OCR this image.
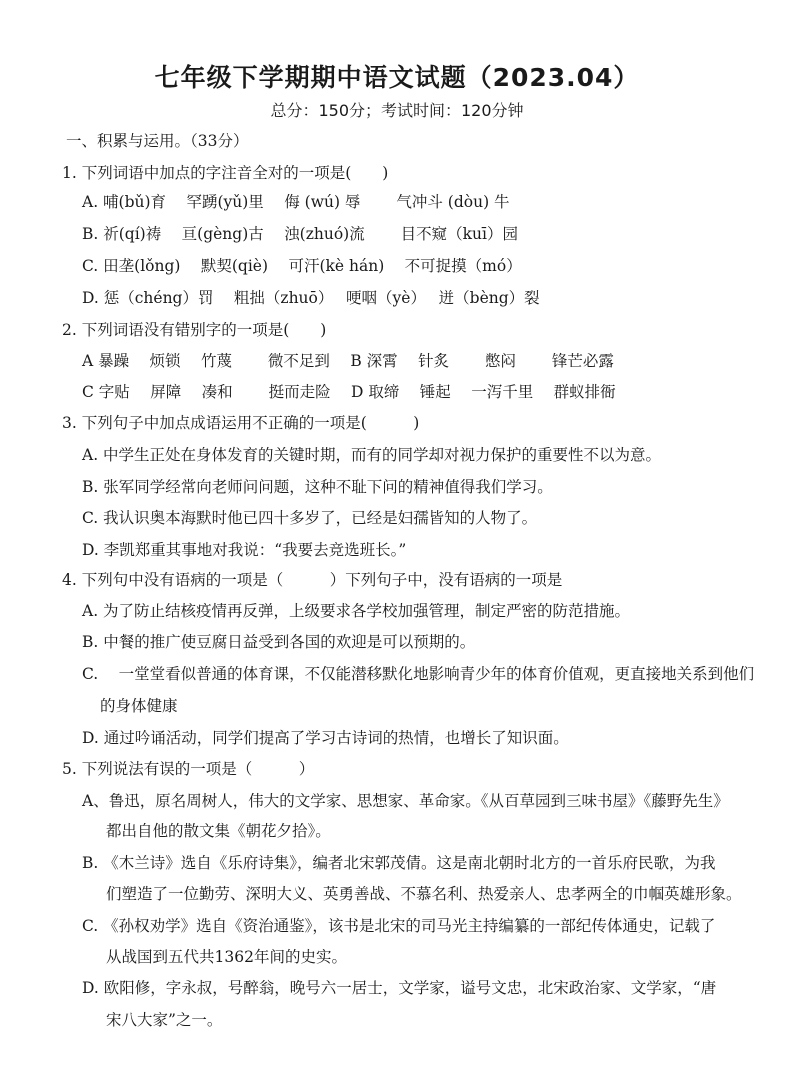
七年级下学期期中语文试题（2023.04）
总分：150分；考试时间：120分钟
一、积累与运用。（33分）
1. 下列词语中加点的字注音全对的一项是(　　)
A. 哺(bǔ)育　 罕踴(yǔ)里　 侮 (wú) 辱　　 气冲斗 (dòu) 牛
B. 祈(qí)祷　 亘(gèng)古　 浊(zhuó)流　　 目不窥（kuī）园
C. 田垄(lǒng)　 默契(qiè)　 可汗(kè hán)　 不可捉摸（mó）
D. 惩（chéng）罚　 粗拙（zhuō）　 哽咽（yè）　 迸（bèng）裂
2. 下列词语没有错别字的一项是(　　)
A 暴躁　 烦锁　 竹蔑　　 微不足到　 B 深霄　 针炙　　 憋闷　　 锋芒必露
C 字贴　 屏障　 凑和　　 挺而走险　 D 取缔　 锤起　 一泻千里　 群蚁排衙
3. 下列句子中加点成语运用不正确的一项是(　　　)
A. 中学生正处在身体发育的关键时期，而有的同学却对视力保护的重要性不以为意。
B. 张军同学经常向老师问问题，这种不耻下问的精神值得我们学习。
C. 我认识奥本海默时他已四十多岁了，已经是妇孺皆知的人物了。
D. 李凯郑重其事地对我说：“我要去竞选班长。”
4. 下列句中没有语病的一项是（　　　）下列句子中，没有语病的一项是
A. 为了防止结核疫情再反弹，上级要求各学校加强管理，制定严密的防范措施。
B. 中餐的推广使豆腐日益受到各国的欢迎是可以预期的。
C.　 一堂堂看似普通的体育课，不仅能潜移默化地影响青少年的体育价值观，更直接地关系到他们
的身体健康
D. 通过吟诵活动，同学们提高了学习古诗词的热情，也增长了知识面。
5. 下列说法有误的一项是（　　　）
A、鲁迅，原名周树人，伟大的文学家、思想家、革命家。《从百草园到三味书屋》《藤野先生》
都出自他的散文集《朝花夕拾》。
B. 《木兰诗》选自《乐府诗集》，编者北宋郭茂倩。这是南北朝时北方的一首乐府民歌，为我
们塑造了一位勤劳、深明大义、英勇善战、不慕名利、热爱亲人、忠孝两全的巾帼英雄形象。
C. 《孙权劝学》选自《资治通鉴》，该书是北宋的司马光主持编纂的一部纪传体通史，记载了
从战国到五代共1362年间的史实。
D. 欧阳修，字永叔，号醉翁，晚号六一居士，文学家，谥号文忠，北宋政治家、文学家，“唐
宋八大家”之一。
